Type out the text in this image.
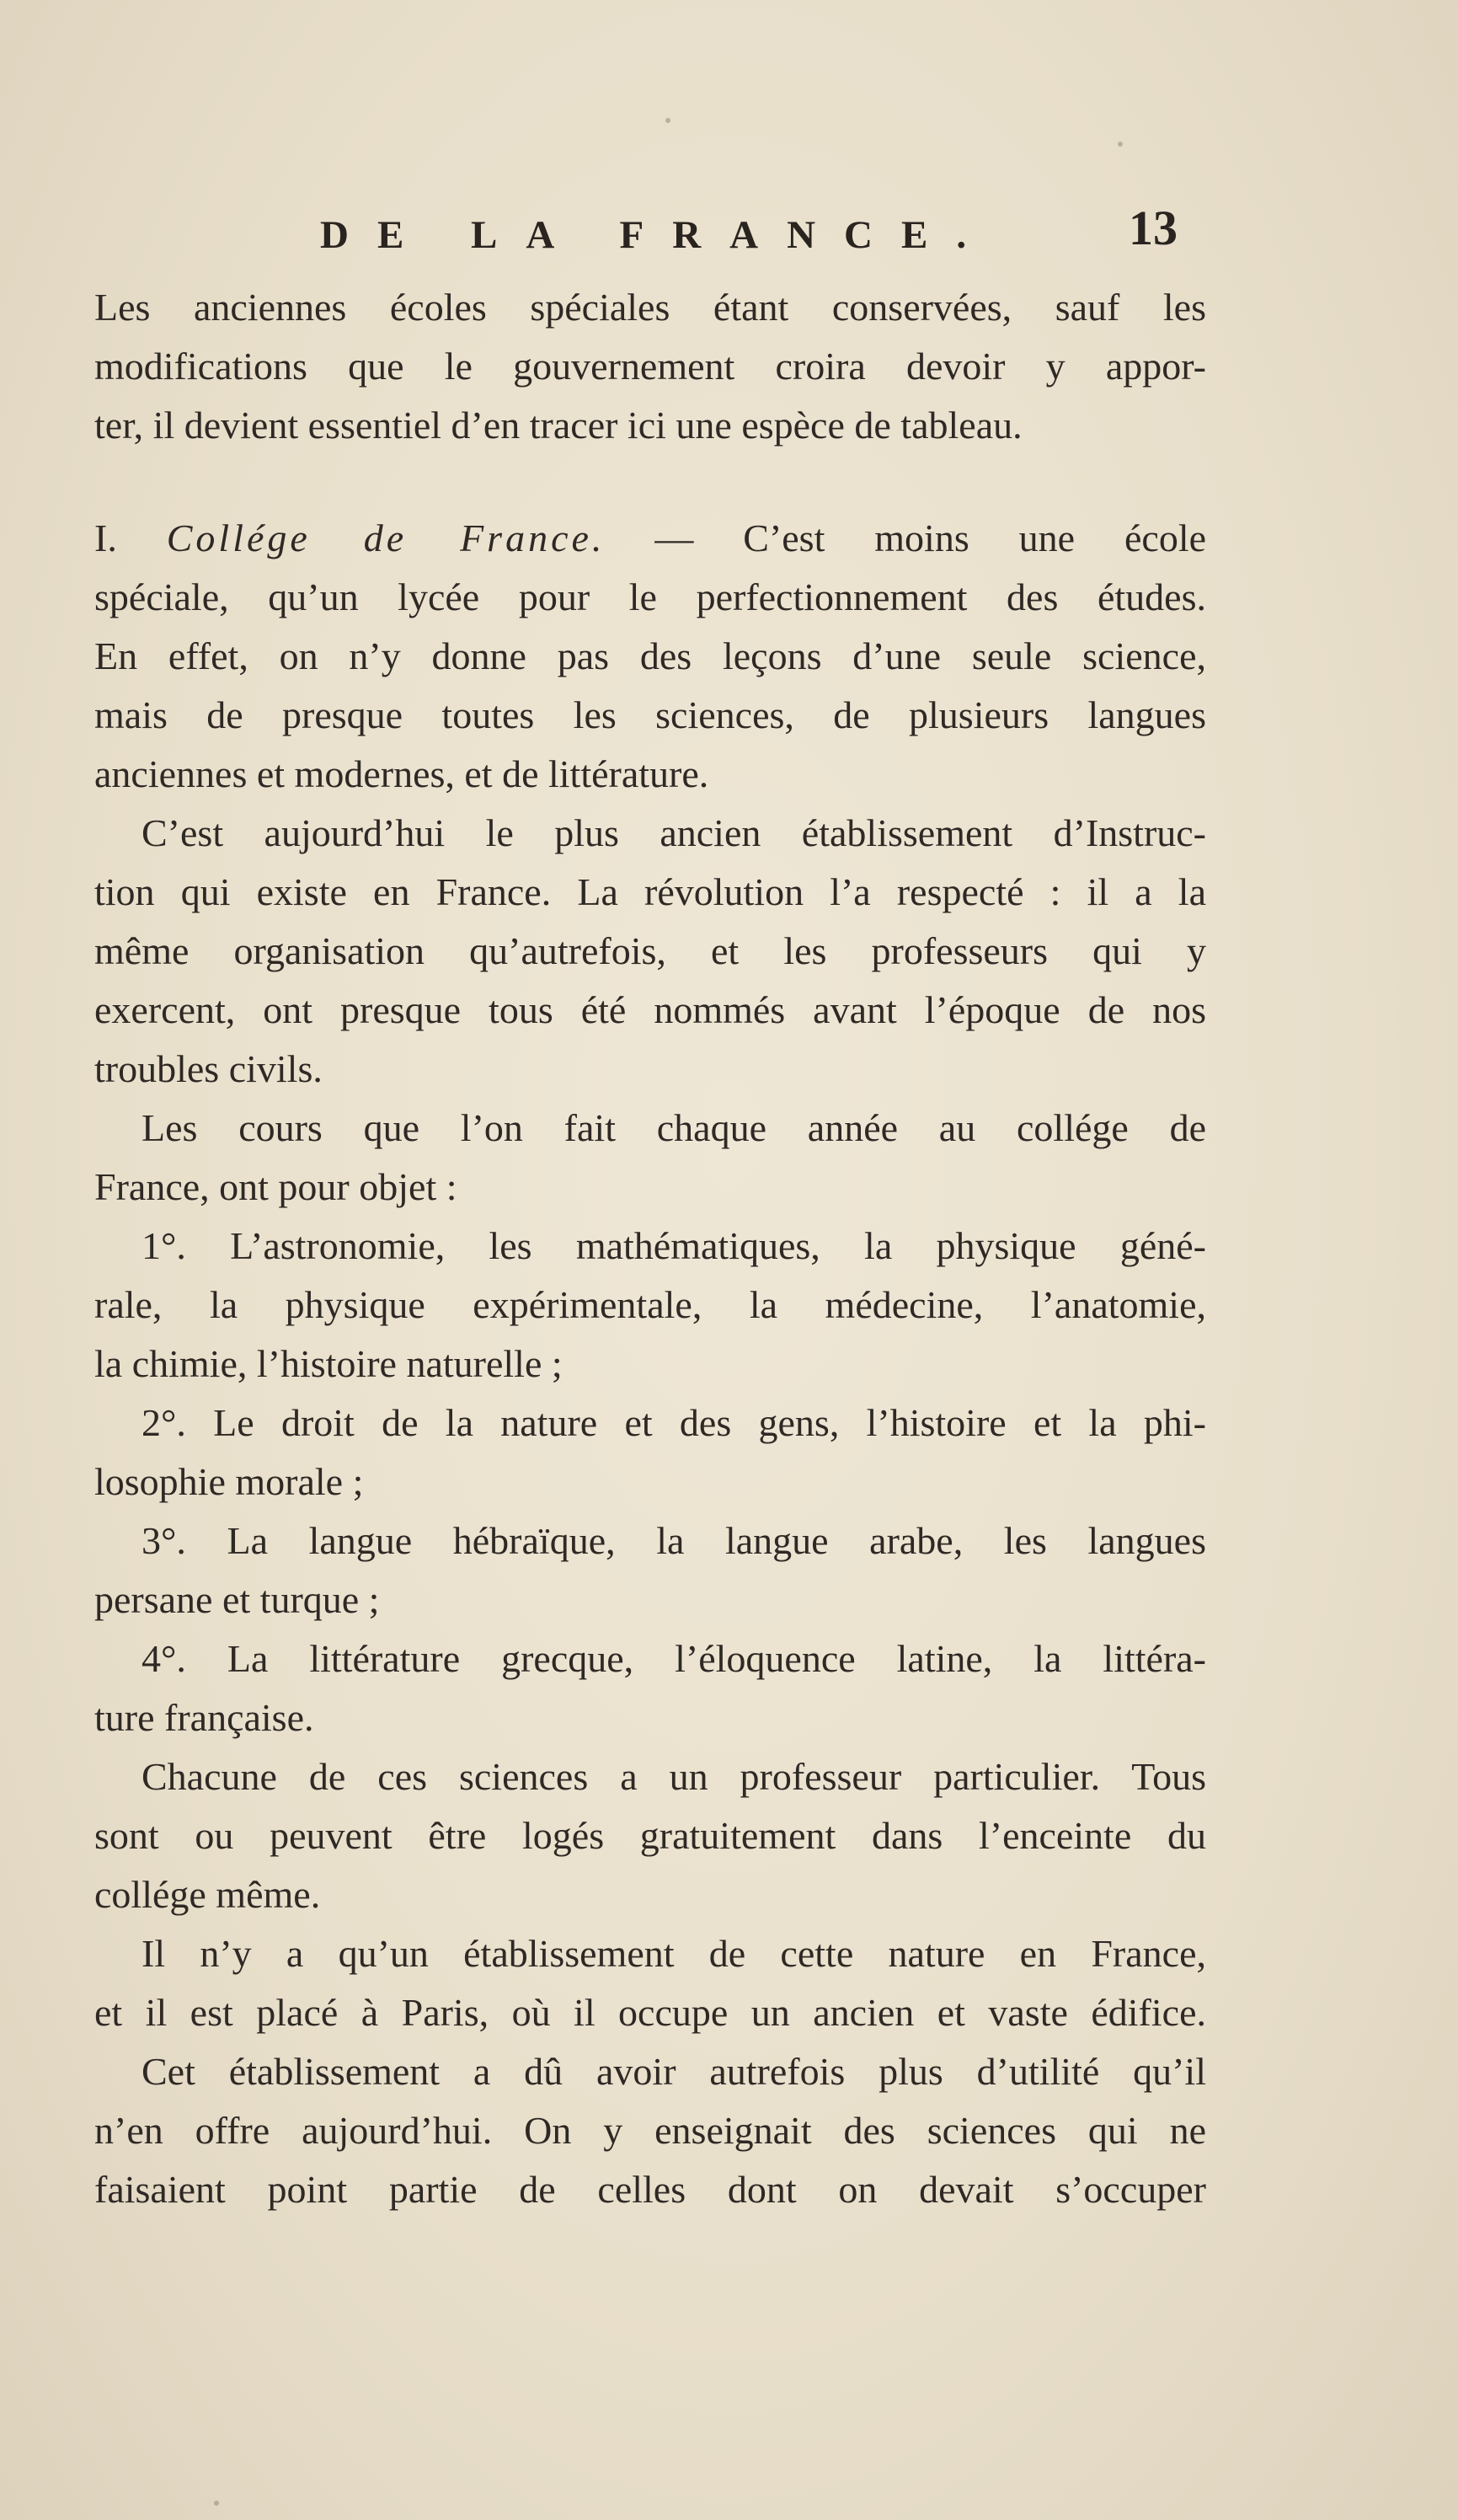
DE LA FRANCE.	13
Les anciennes écoles spéciales étant conservées, sauf les
modifications que le gouvernement croira devoir y appor-
ter, il devient essentiel d’en tracer ici une espèce de tableau.
I. Collége de France. — C’est moins une école
spéciale, qu’un lycée pour le perfectionnement des études.
En effet, on n’y donne pas des leçons d’une seule science,
mais de presque toutes les sciences, de plusieurs langues
anciennes et modernes, et de littérature.
C’est aujourd’hui le plus ancien établissement d’Instruc-
tion qui existe en France. La révolution l’a respecté : il a la
même organisation qu’autrefois, et les professeurs qui y
exercent, ont presque tous été nommés avant l’époque de nos
troubles civils.
Les cours que l’on fait chaque année au collége de
France, ont pour objet :
1°. L’astronomie, les mathématiques, la physique géné-
rale, la physique expérimentale, la médecine, l’anatomie,
la chimie, l’histoire naturelle ;
2°. Le droit de la nature et des gens, l’histoire et la phi-
losophie morale ;
3°. La langue hébraïque, la langue arabe, les langues
persane et turque ;
4°. La littérature grecque, l’éloquence latine, la littéra-
ture française.
Chacune de ces sciences a un professeur particulier. Tous
sont ou peuvent être logés gratuitement dans l’enceinte du
collége même.
Il n’y a qu’un établissement de cette nature en France,
et il est placé à Paris, où il occupe un ancien et vaste édifice.
Cet établissement a dû avoir autrefois plus d’utilité qu’il
n’en offre aujourd’hui. On y enseignait des sciences qui ne
faisaient point partie de celles dont on devait s’occuper
